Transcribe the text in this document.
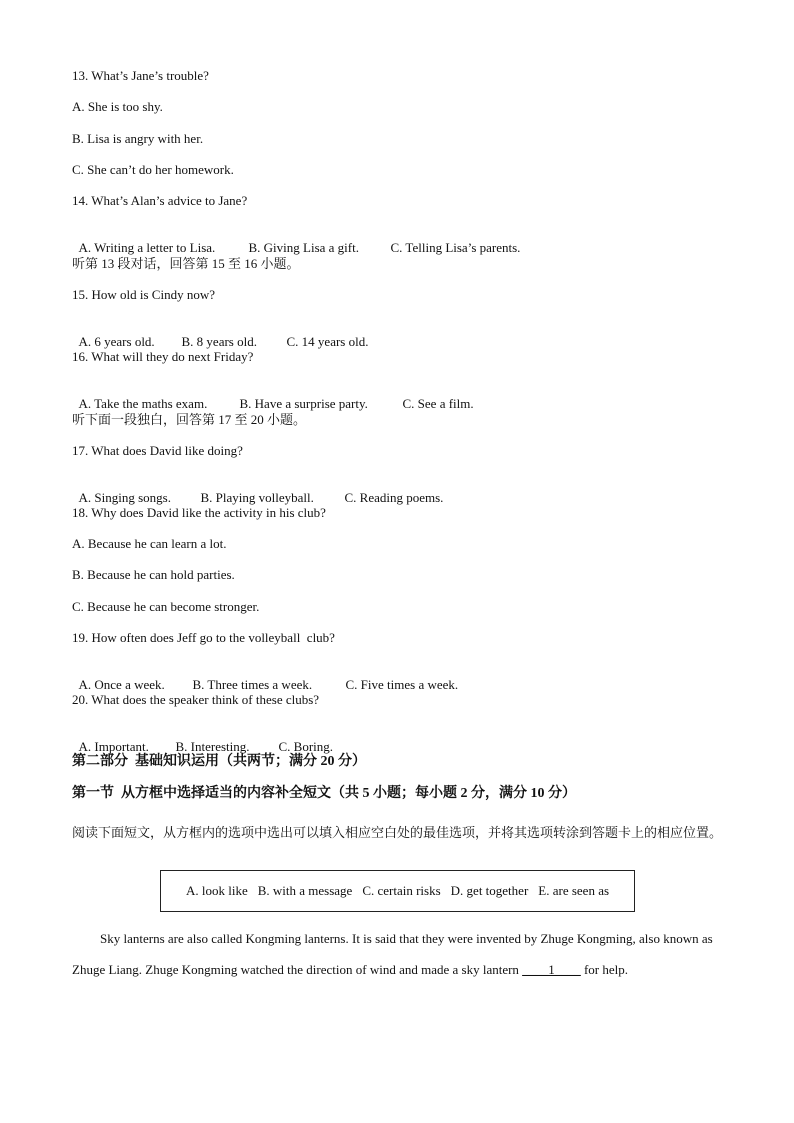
13. What’s Jane’s trouble?
A. She is too shy.
B. Lisa is angry with her.
C. She can’t do her homework.
14. What’s Alan’s advice to Jane?

A. Writing a letter to Lisa.	B. Giving Lisa a gift. C. Telling Lisa’s parents.

听第 13 段对话，回答第 15 至 16 小题。
15. How old is Cindy now?

A. 6 years old. B. 8 years old. C. 14 years old.

16. What will they do next Friday?

A. Take the maths exam. B. Have a surprise party.	C. See a film.

听下面一段独白，回答第 17 至 20 小题。
17. What does David like doing?

A. Singing songs. B. Playing volleyball. C. Reading poems.

18. Why does David like the activity in his club?
A. Because he can learn a lot.
B. Because he can hold parties.
C. Because he can become stronger.
19. How often does Jeff go to the volleyball  club?

A. Once a week. B. Three times a week.	C. Five times a week.

20. What does the speaker think of these clubs?

A. Important. B. Interesting. C. Boring.

第二部分  基础知识运用（共两节；满分 20 分）
第一节  从方框中选择适当的内容补全短文（共 5 小题；每小题 2 分，满分 10 分）
阅读下面短文，从方框内的选项中选出可以填入相应空白处的最佳选项，并将其选项转涂到答题卡上的相应位置。
A. look like B. with a message C. certain risks D. get together E. are seen as
Sky lanterns are also called Kongming lanterns. It is said that they were invented by Zhuge Kongming, also known as Zhuge Liang. Zhuge Kongming watched the direction of wind and made a sky lantern ____1____ for help.
